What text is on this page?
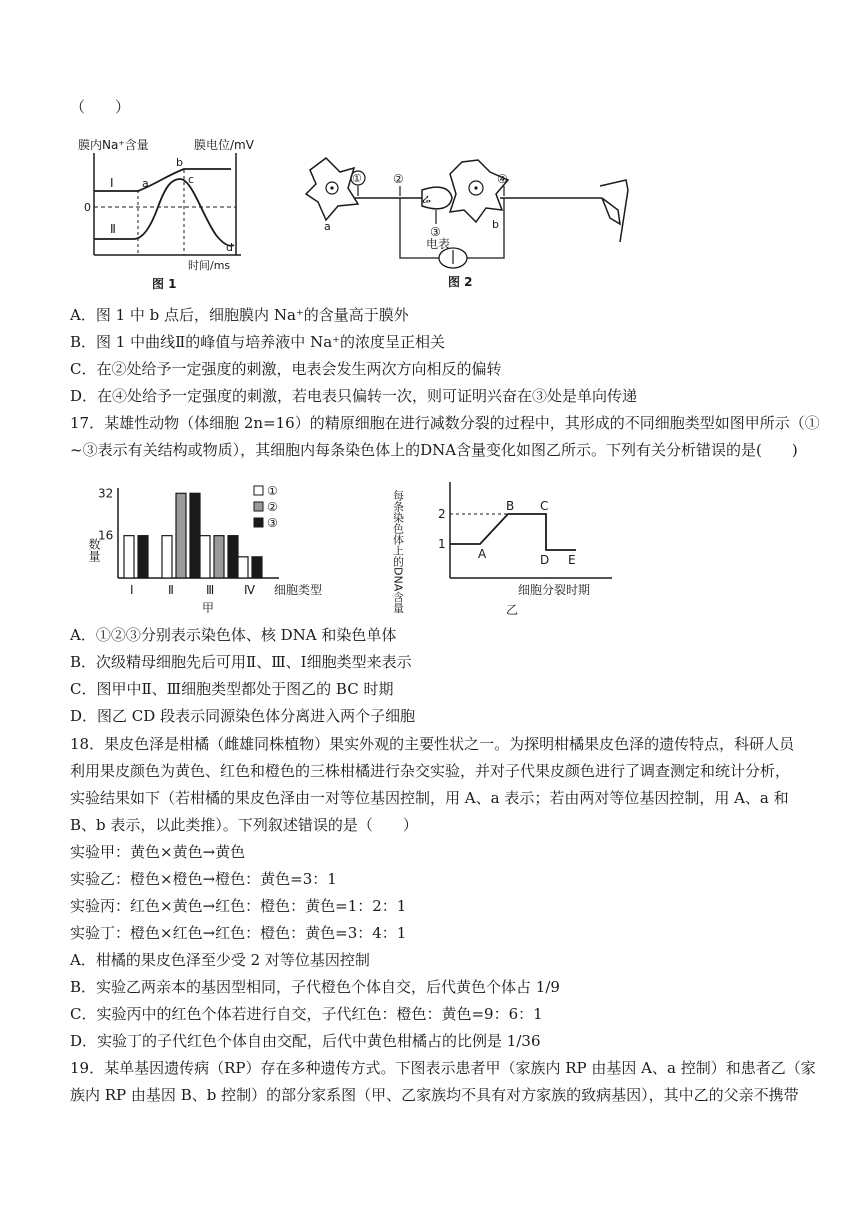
（　　）
膜内Na⁺含量	膜电位/mV
0
Ⅰ
Ⅱ
a
b
c
d
时间/ms
图 1
a
ሬ
b
①	②
③
④
电表
图 2
A．图 1 中 b 点后，细胞膜内 Na⁺的含量高于膜外
B．图 1 中曲线Ⅱ的峰值与培养液中 Na⁺的浓度呈正相关
C．在②处给予一定强度的刺激，电表会发生两次方向相反的偏转
D．在④处给予一定强度的刺激，若电表只偏转一次，则可证明兴奋在③处是单向传递
17．某雄性动物（体细胞 2n=16）的精原细胞在进行减数分裂的过程中，其形成的不同细胞类型如图甲所示（①
~③表示有关结构或物质），其细胞内每条染色体上的DNA含量变化如图乙所示。下列有关分析错误的是(　　)
数量
16
32
Ⅰ	Ⅱ	Ⅲ Ⅳ 细胞类型
甲
①
②
③	每条染色体上的DNA含量	2
1
A
B C
D E
细胞分裂时期
乙
A．①②③分别表示染色体、核 DNA 和染色单体
B．次级精母细胞先后可用Ⅱ、Ⅲ、Ⅰ细胞类型来表示
C．图甲中Ⅱ、Ⅲ细胞类型都处于图乙的 BC 时期
D．图乙 CD 段表示同源染色体分离进入两个子细胞
18．果皮色泽是柑橘（雌雄同株植物）果实外观的主要性状之一。为探明柑橘果皮色泽的遗传特点，科研人员
利用果皮颜色为黄色、红色和橙色的三株柑橘进行杂交实验，并对子代果皮颜色进行了调查测定和统计分析，
实验结果如下（若柑橘的果皮色泽由一对等位基因控制，用 A、a 表示；若由两对等位基因控制，用 A、a 和
B、b 表示，以此类推）。下列叙述错误的是（　　）
实验甲：黄色×黄色→黄色
实验乙：橙色×橙色→橙色：黄色=3：1
实验丙：红色×黄色→红色：橙色：黄色=1：2：1
实验丁：橙色×红色→红色：橙色：黄色=3：4：1
A．柑橘的果皮色泽至少受 2 对等位基因控制
B．实验乙两亲本的基因型相同，子代橙色个体自交，后代黄色个体占 1/9
C．实验丙中的红色个体若进行自交，子代红色：橙色：黄色=9：6：1
D．实验丁的子代红色个体自由交配，后代中黄色柑橘占的比例是 1/36
19．某单基因遗传病（RP）存在多种遗传方式。下图表示患者甲（家族内 RP 由基因 A、a 控制）和患者乙（家
族内 RP 由基因 B、b 控制）的部分家系图（甲、乙家族均不具有对方家族的致病基因），其中乙的父亲不携带
